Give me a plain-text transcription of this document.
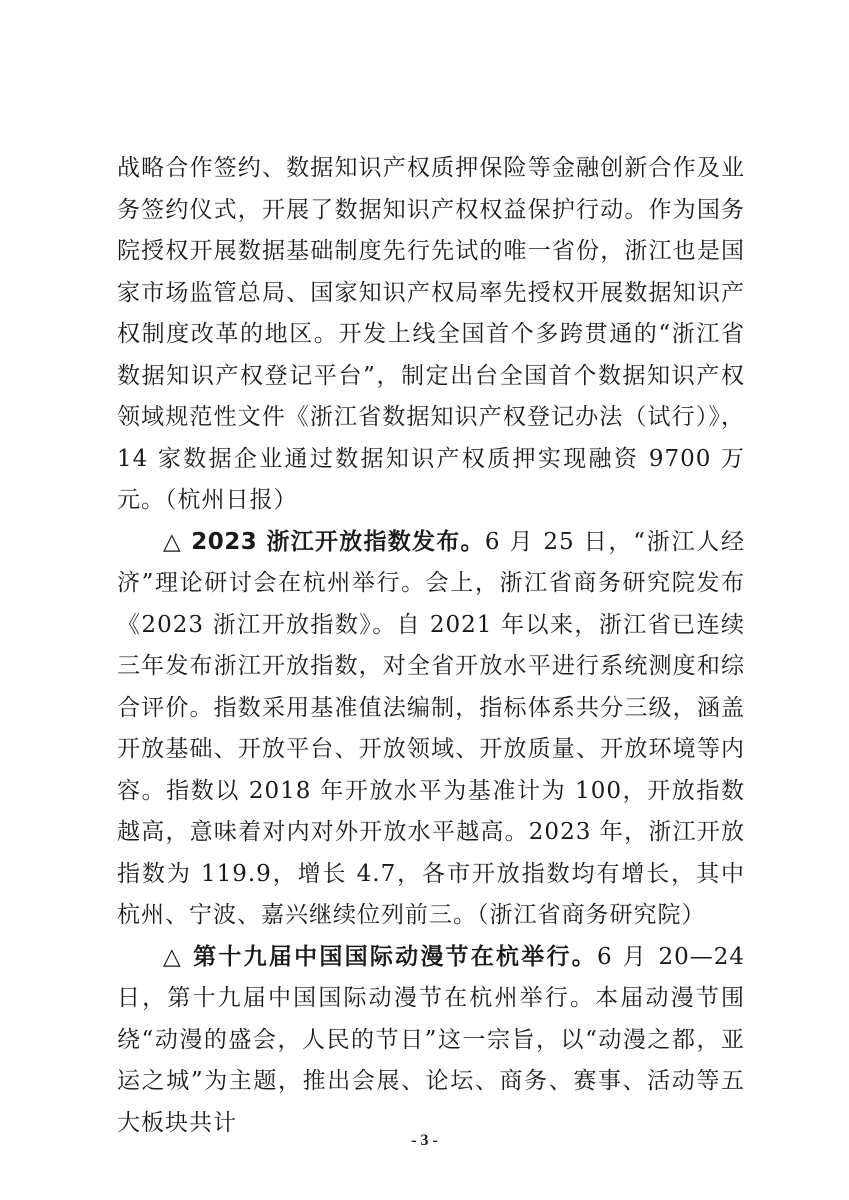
战略合作签约、数据知识产权质押保险等金融创新合作及业务签约仪式，开展了数据知识产权权益保护行动。作为国务院授权开展数据基础制度先行先试的唯一省份，浙江也是国家市场监管总局、国家知识产权局率先授权开展数据知识产权制度改革的地区。开发上线全国首个多跨贯通的“浙江省数据知识产权登记平台”，制定出台全国首个数据知识产权领域规范性文件《浙江省数据知识产权登记办法（试行）》，14 家数据企业通过数据知识产权质押实现融资 9700 万元。（杭州日报）

△ 2023 浙江开放指数发布。6 月 25 日，“浙江人经济”理论研讨会在杭州举行。会上，浙江省商务研究院发布《2023 浙江开放指数》。自 2021 年以来，浙江省已连续三年发布浙江开放指数，对全省开放水平进行系统测度和综合评价。指数采用基准值法编制，指标体系共分三级，涵盖开放基础、开放平台、开放领域、开放质量、开放环境等内容。指数以 2018 年开放水平为基准计为 100，开放指数越高，意味着对内对外开放水平越高。2023 年，浙江开放指数为 119.9，增长 4.7，各市开放指数均有增长，其中杭州、宁波、嘉兴继续位列前三。（浙江省商务研究院）

△ 第十九届中国国际动漫节在杭举行。6 月 20—24 日，第十九届中国国际动漫节在杭州举行。本届动漫节围绕“动漫的盛会，人民的节日”这一宗旨，以“动漫之都，亚运之城”为主题，推出会展、论坛、商务、赛事、活动等五大板块共计

- 3 -
